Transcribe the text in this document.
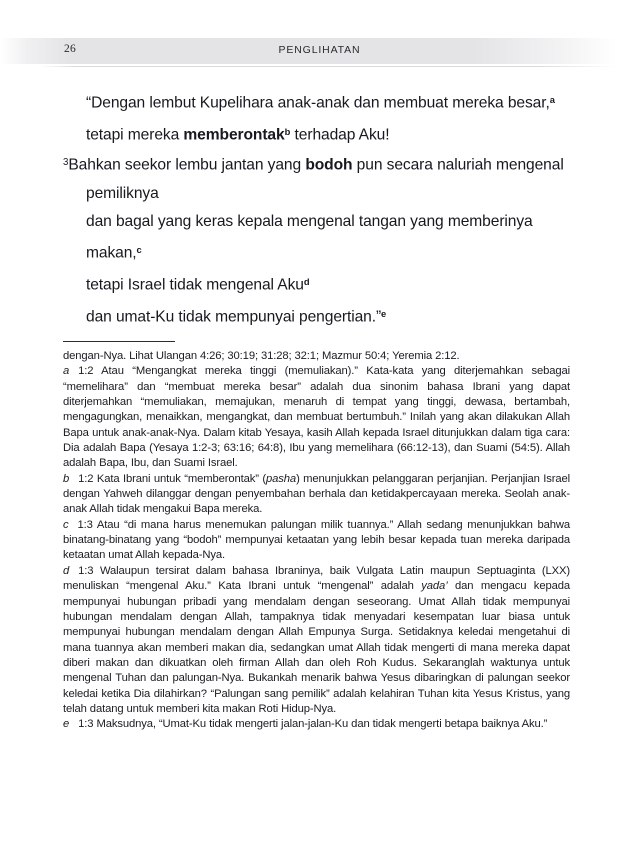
26	PENGLIHATAN
“Dengan lembut Kupelihara anak-anak dan membuat mereka besar,$^a$
tetapi mereka memberontak$^b$ terhadap Aku!
$^3$Bahkan seekor lembu jantan yang bodoh pun secara naluriah mengenal
pemiliknya
dan bagal yang keras kepala mengenal tangan yang memberinya
makan,$^c$
tetapi Israel tidak mengenal Aku$^d$
dan umat-Ku tidak mempunyai pengertian.”$^e$

dengan-Nya. Lihat Ulangan 4:26; 30:19; 31:28; 32:1; Mazmur 50:4; Yeremia 2:12.

a 1:2 Atau “Mengangkat mereka tinggi (memuliakan).” Kata-kata yang diterjemahkan sebagai “memelihara” dan “membuat mereka besar” adalah dua sinonim bahasa Ibrani yang dapat diterjemahkan “memuliakan, memajukan, menaruh di tempat yang tinggi, dewasa, bertambah, mengagungkan, menaikkan, mengangkat, dan membuat bertumbuh.” Inilah yang akan dilakukan Allah Bapa untuk anak-anak-Nya. Dalam kitab Yesaya, kasih Allah kepada Israel ditunjukkan dalam tiga cara: Dia adalah Bapa (Yesaya 1:2-3; 63:16; 64:8), Ibu yang memelihara (66:12-13), dan Suami (54:5). Allah adalah Bapa, Ibu, dan Suami Israel.

b 1:2 Kata Ibrani untuk “memberontak” (pasha) menunjukkan pelanggaran perjanjian. Perjanjian Israel dengan Yahweh dilanggar dengan penyembahan berhala dan ketidakpercayaan mereka. Seolah anak-anak Allah tidak mengakui Bapa mereka.

c 1:3 Atau “di mana harus menemukan palungan milik tuannya.” Allah sedang menunjukkan bahwa binatang-binatang yang “bodoh” mempunyai ketaatan yang lebih besar kepada tuan mereka daripada ketaatan umat Allah kepada-Nya.

d 1:3 Walaupun tersirat dalam bahasa Ibraninya, baik Vulgata Latin maupun Septuaginta (LXX) menuliskan “mengenal Aku.” Kata Ibrani untuk “mengenal” adalah yada’ dan mengacu kepada mempunyai hubungan pribadi yang mendalam dengan seseorang. Umat Allah tidak mempunyai hubungan mendalam dengan Allah, tampaknya tidak menyadari kesempatan luar biasa untuk mempunyai hubungan mendalam dengan Allah Empunya Surga. Setidaknya keledai mengetahui di mana tuannya akan memberi makan dia, sedangkan umat Allah tidak mengerti di mana mereka dapat diberi makan dan dikuatkan oleh firman Allah dan oleh Roh Kudus. Sekaranglah waktunya untuk mengenal Tuhan dan palungan-Nya. Bukankah menarik bahwa Yesus dibaringkan di palungan seekor keledai ketika Dia dilahirkan? “Palungan sang pemilik” adalah kelahiran Tuhan kita Yesus Kristus, yang telah datang untuk memberi kita makan Roti Hidup-Nya.

e 1:3 Maksudnya, “Umat-Ku tidak mengerti jalan-jalan-Ku dan tidak mengerti betapa baiknya Aku.”
